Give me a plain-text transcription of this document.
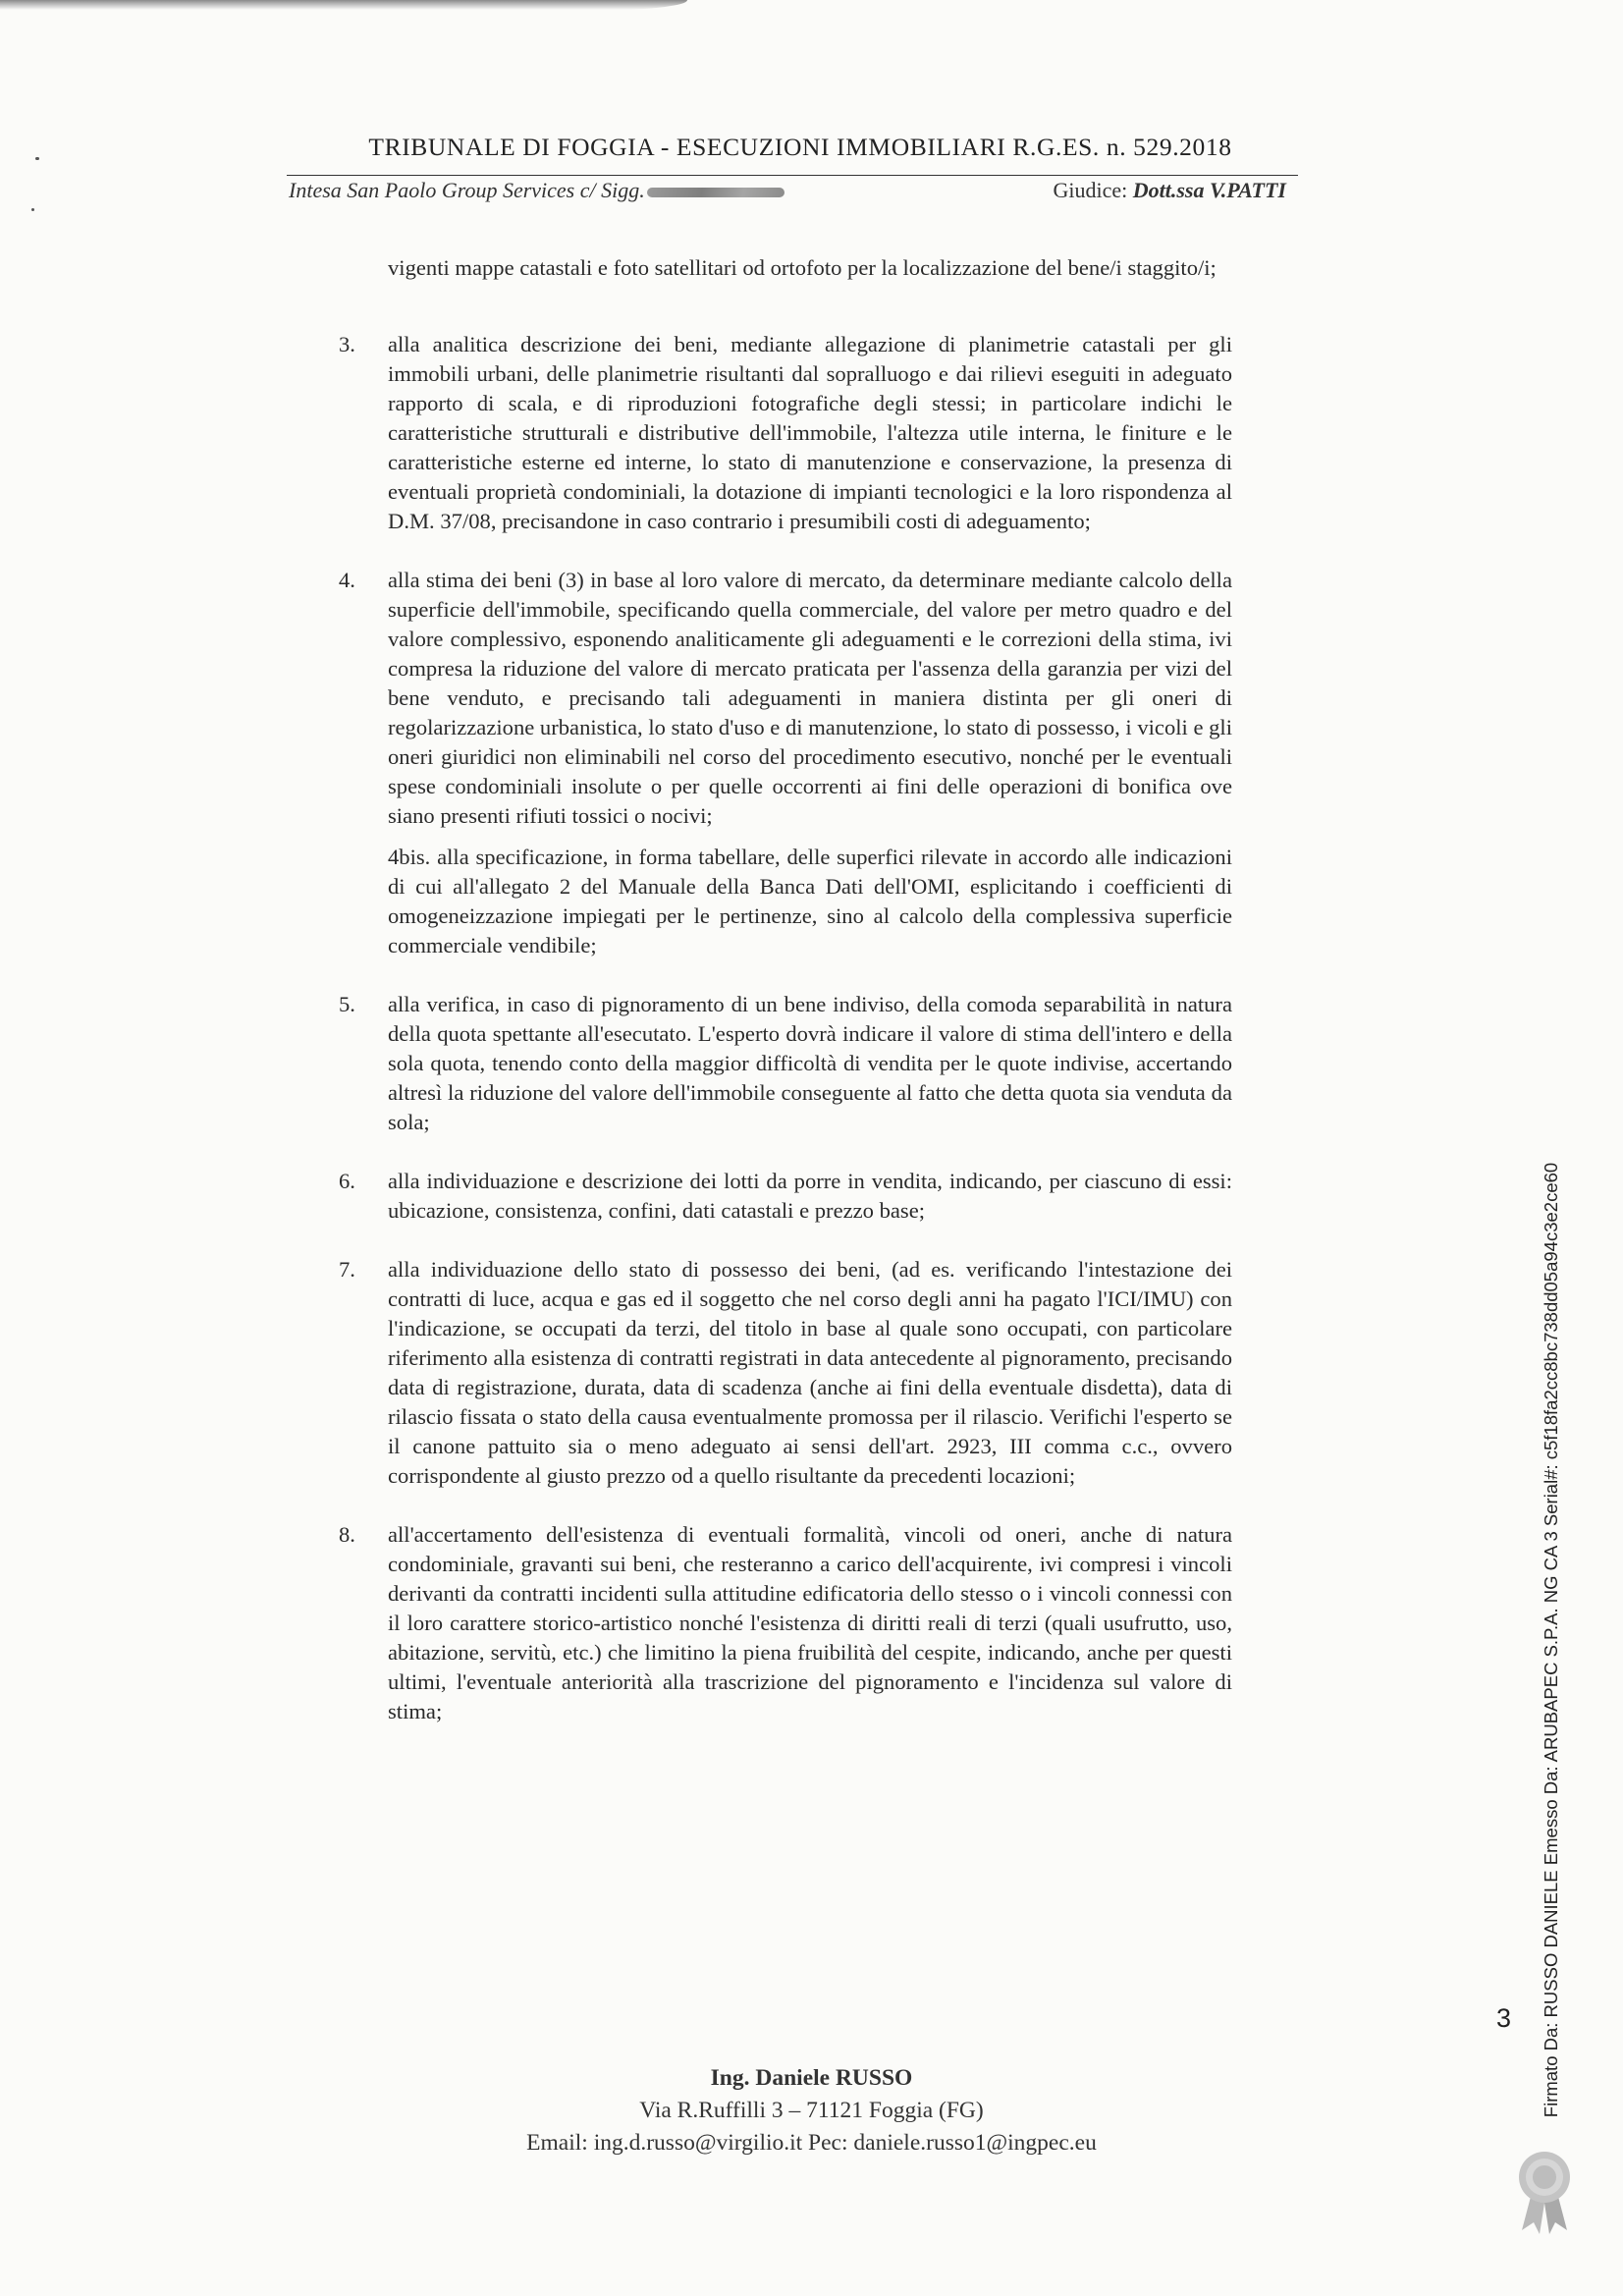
TRIBUNALE DI FOGGIA - ESECUZIONI IMMOBILIARI R.G.ES. n. 529.2018
Intesa San Paolo Group Services c/ Sigg.	Giudice: Dott.ssa V.PATTI

vigenti mappe catastali e foto satellitari od ortofoto per la localizzazione del bene/i staggito/i;

3. alla analitica descrizione dei beni, mediante allegazione di planimetrie catastali per gli immobili urbani, delle planimetrie risultanti dal sopralluogo e dai rilievi eseguiti in adeguato rapporto di scala, e di riproduzioni fotografiche degli stessi; in particolare indichi le caratteristiche strutturali e distributive dell'immobile, l'altezza utile interna, le finiture e le caratteristiche esterne ed interne, lo stato di manutenzione e conservazione, la presenza di eventuali proprietà condominiali, la dotazione di impianti tecnologici e la loro rispondenza al D.M. 37/08, precisandone in caso contrario i presumibili costi di adeguamento;
4. alla stima dei beni (3) in base al loro valore di mercato, da determinare mediante calcolo della superficie dell'immobile, specificando quella commerciale, del valore per metro quadro e del valore complessivo, esponendo analiticamente gli adeguamenti e le correzioni della stima, ivi compresa la riduzione del valore di mercato praticata per l'assenza della garanzia per vizi del bene venduto, e precisando tali adeguamenti in maniera distinta per gli oneri di regolarizzazione urbanistica, lo stato d'uso e di manutenzione, lo stato di possesso, i vicoli e gli oneri giuridici non eliminabili nel corso del procedimento esecutivo, nonché per le eventuali spese condominiali insolute o per quelle occorrenti ai fini delle operazioni di bonifica ove siano presenti rifiuti tossici o nocivi;
4bis. alla specificazione, in forma tabellare, delle superfici rilevate in accordo alle indicazioni di cui all'allegato 2 del Manuale della Banca Dati dell'OMI, esplicitando i coefficienti di omogeneizzazione impiegati per le pertinenze, sino al calcolo della complessiva superficie commerciale vendibile;
5. alla verifica, in caso di pignoramento di un bene indiviso, della comoda separabilità in natura della quota spettante all'esecutato. L'esperto dovrà indicare il valore di stima dell'intero e della sola quota, tenendo conto della maggior difficoltà di vendita per le quote indivise, accertando altresì la riduzione del valore dell'immobile conseguente al fatto che detta quota sia venduta da sola;
6. alla individuazione e descrizione dei lotti da porre in vendita, indicando, per ciascuno di essi: ubicazione, consistenza, confini, dati catastali e prezzo base;
7. alla individuazione dello stato di possesso dei beni, (ad es. verificando l'intestazione dei contratti di luce, acqua e gas ed il soggetto che nel corso degli anni ha pagato l'ICI/IMU) con l'indicazione, se occupati da terzi, del titolo in base al quale sono occupati, con particolare riferimento alla esistenza di contratti registrati in data antecedente al pignoramento, precisando data di registrazione, durata, data di scadenza (anche ai fini della eventuale disdetta), data di rilascio fissata o stato della causa eventualmente promossa per il rilascio. Verifichi l'esperto se il canone pattuito sia o meno adeguato ai sensi dell'art. 2923, III comma c.c., ovvero corrispondente al giusto prezzo od a quello risultante da precedenti locazioni;
8. all'accertamento dell'esistenza di eventuali formalità, vincoli od oneri, anche di natura condominiale, gravanti sui beni, che resteranno a carico dell'acquirente, ivi compresi i vincoli derivanti da contratti incidenti sulla attitudine edificatoria dello stesso o i vincoli connessi con il loro carattere storico-artistico nonché l'esistenza di diritti reali di terzi (quali usufrutto, uso, abitazione, servitù, etc.) che limitino la piena fruibilità del cespite, indicando, anche per questi ultimi, l'eventuale anteriorità alla trascrizione del pignoramento e l'incidenza sul valore di stima;
3 Firmato Da: RUSSO DANIELE Emesso Da: ARUBAPEC S.P.A. NG CA 3 Serial#: c5f18fa2cc8bc738dd05a94c3e2ce60
Ing. Daniele RUSSO
Via R.Ruffilli 3 – 71121 Foggia (FG)
Email: ing.d.russo@virgilio.it Pec: daniele.russo1@ingpec.eu
